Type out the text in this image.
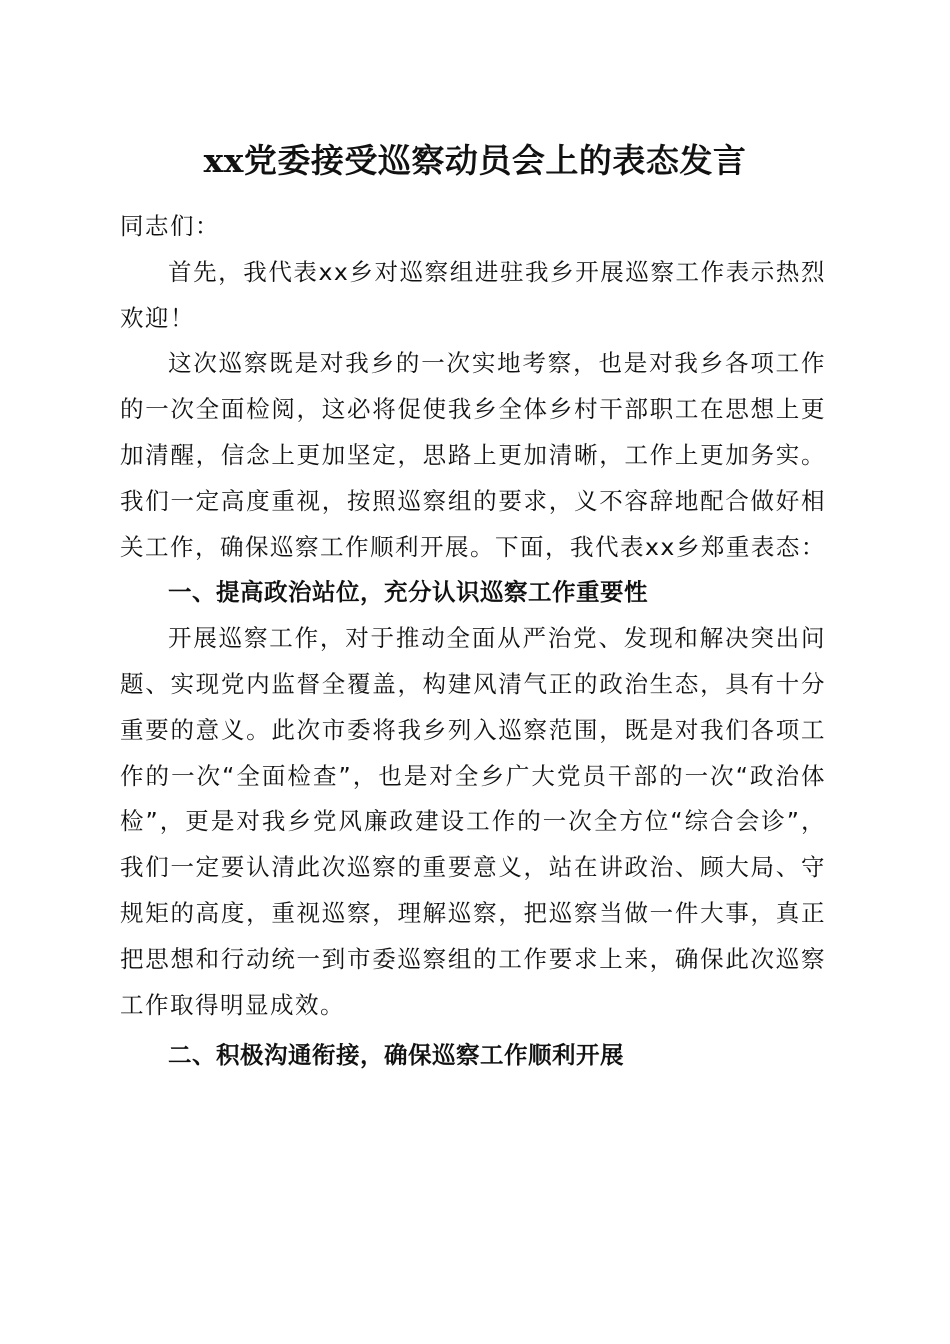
xx党委接受巡察动员会上的表态发言

同志们：

首先，我代表xx乡对巡察组进驻我乡开展巡察工作表示热烈欢迎！

这次巡察既是对我乡的一次实地考察，也是对我乡各项工作的一次全面检阅，这必将促使我乡全体乡村干部职工在思想上更加清醒，信念上更加坚定，思路上更加清晰，工作上更加务实。我们一定高度重视，按照巡察组的要求，义不容辞地配合做好相关工作，确保巡察工作顺利开展。下面，我代表xx乡郑重表态：

一、提高政治站位，充分认识巡察工作重要性

开展巡察工作，对于推动全面从严治党、发现和解决突出问题、实现党内监督全覆盖，构建风清气正的政治生态，具有十分重要的意义。此次市委将我乡列入巡察范围，既是对我们各项工作的一次“全面检查”，也是对全乡广大党员干部的一次“政治体检”，更是对我乡党风廉政建设工作的一次全方位“综合会诊”，我们一定要认清此次巡察的重要意义，站在讲政治、顾大局、守规矩的高度，重视巡察，理解巡察，把巡察当做一件大事，真正把思想和行动统一到市委巡察组的工作要求上来，确保此次巡察工作取得明显成效。

二、积极沟通衔接，确保巡察工作顺利开展
